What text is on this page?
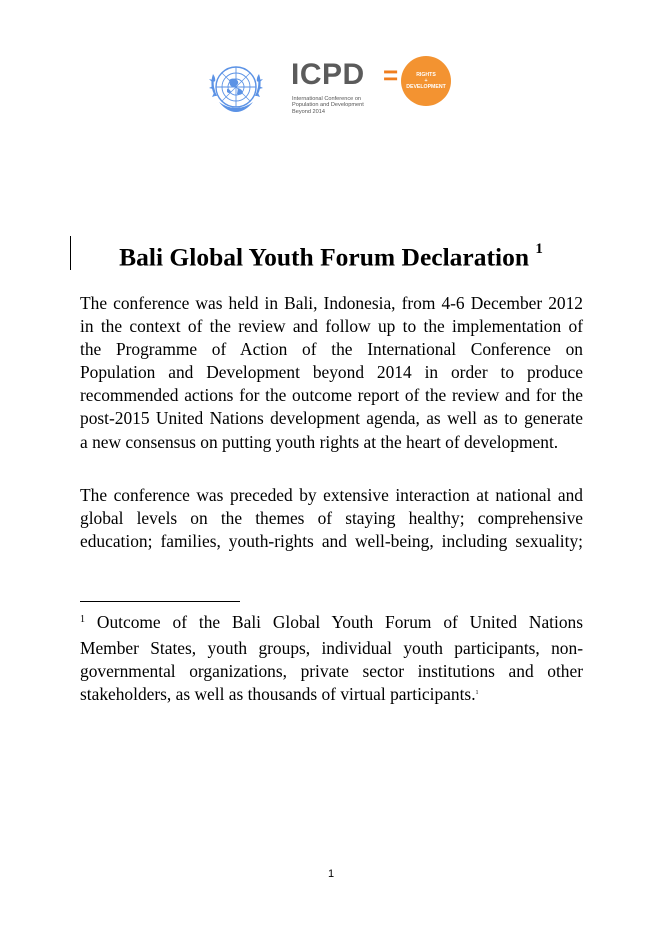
ICPD
International Conference on
Population and Development
Beyond 2014
=	RIGHTS
+
DEVELOPMENT
Bali Global Youth Forum Declaration $^1$
The conference was held in Bali, Indonesia, from 4-6 December 2012
in the context of the review and follow up to the implementation of
the Programme of Action of the International Conference on
Population and Development beyond 2014 in order to produce
recommended actions for the outcome report of the review and for the
post-2015 United Nations development agenda, as well as to generate
a new consensus on putting youth rights at the heart of development.
The conference was preceded by extensive interaction at national and
global levels on the themes of staying healthy; comprehensive
education; families, youth-rights and well-being, including sexuality;
$^1$ Outcome of the Bali Global Youth Forum of United Nations
Member States, youth groups, individual youth participants, non-
governmental organizations, private sector institutions and other
stakeholders, as well as thousands of virtual participants.$^1$
1
